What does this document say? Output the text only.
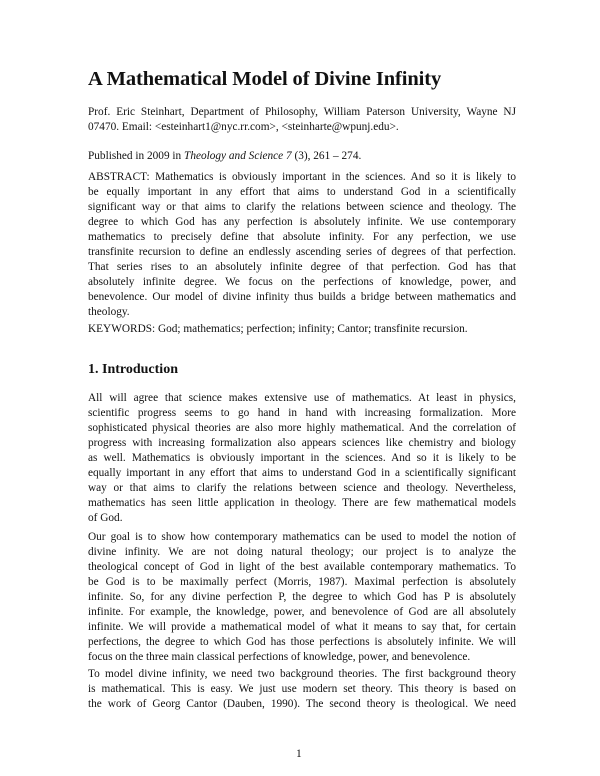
A Mathematical Model of Divine Infinity
Prof. Eric Steinhart, Department of Philosophy, William Paterson University, Wayne NJ
07470. Email: <esteinhart1@nyc.rr.com>, <steinharte@wpunj.edu>.
Published in 2009 in Theology and Science 7 (3), 261 – 274.
ABSTRACT: Mathematics is obviously important in the sciences. And so it is likely to
be equally important in any effort that aims to understand God in a scientifically
significant way or that aims to clarify the relations between science and theology. The
degree to which God has any perfection is absolutely infinite. We use contemporary
mathematics to precisely define that absolute infinity. For any perfection, we use
transfinite recursion to define an endlessly ascending series of degrees of that perfection.
That series rises to an absolutely infinite degree of that perfection. God has that
absolutely infinite degree. We focus on the perfections of knowledge, power, and
benevolence. Our model of divine infinity thus builds a bridge between mathematics and
theology.
KEYWORDS: God; mathematics; perfection; infinity; Cantor; transfinite recursion.
1. Introduction
All will agree that science makes extensive use of mathematics. At least in physics,
scientific progress seems to go hand in hand with increasing formalization. More
sophisticated physical theories are also more highly mathematical. And the correlation of
progress with increasing formalization also appears sciences like chemistry and biology
as well. Mathematics is obviously important in the sciences. And so it is likely to be
equally important in any effort that aims to understand God in a scientifically significant
way or that aims to clarify the relations between science and theology. Nevertheless,
mathematics has seen little application in theology. There are few mathematical models
of God.
Our goal is to show how contemporary mathematics can be used to model the notion of
divine infinity. We are not doing natural theology; our project is to analyze the
theological concept of God in light of the best available contemporary mathematics. To
be God is to be maximally perfect (Morris, 1987). Maximal perfection is absolutely
infinite. So, for any divine perfection P, the degree to which God has P is absolutely
infinite. For example, the knowledge, power, and benevolence of God are all absolutely
infinite. We will provide a mathematical model of what it means to say that, for certain
perfections, the degree to which God has those perfections is absolutely infinite. We will
focus on the three main classical perfections of knowledge, power, and benevolence.
To model divine infinity, we need two background theories. The first background theory
is mathematical. This is easy. We just use modern set theory. This theory is based on
the work of Georg Cantor (Dauben, 1990). The second theory is theological. We need
1
